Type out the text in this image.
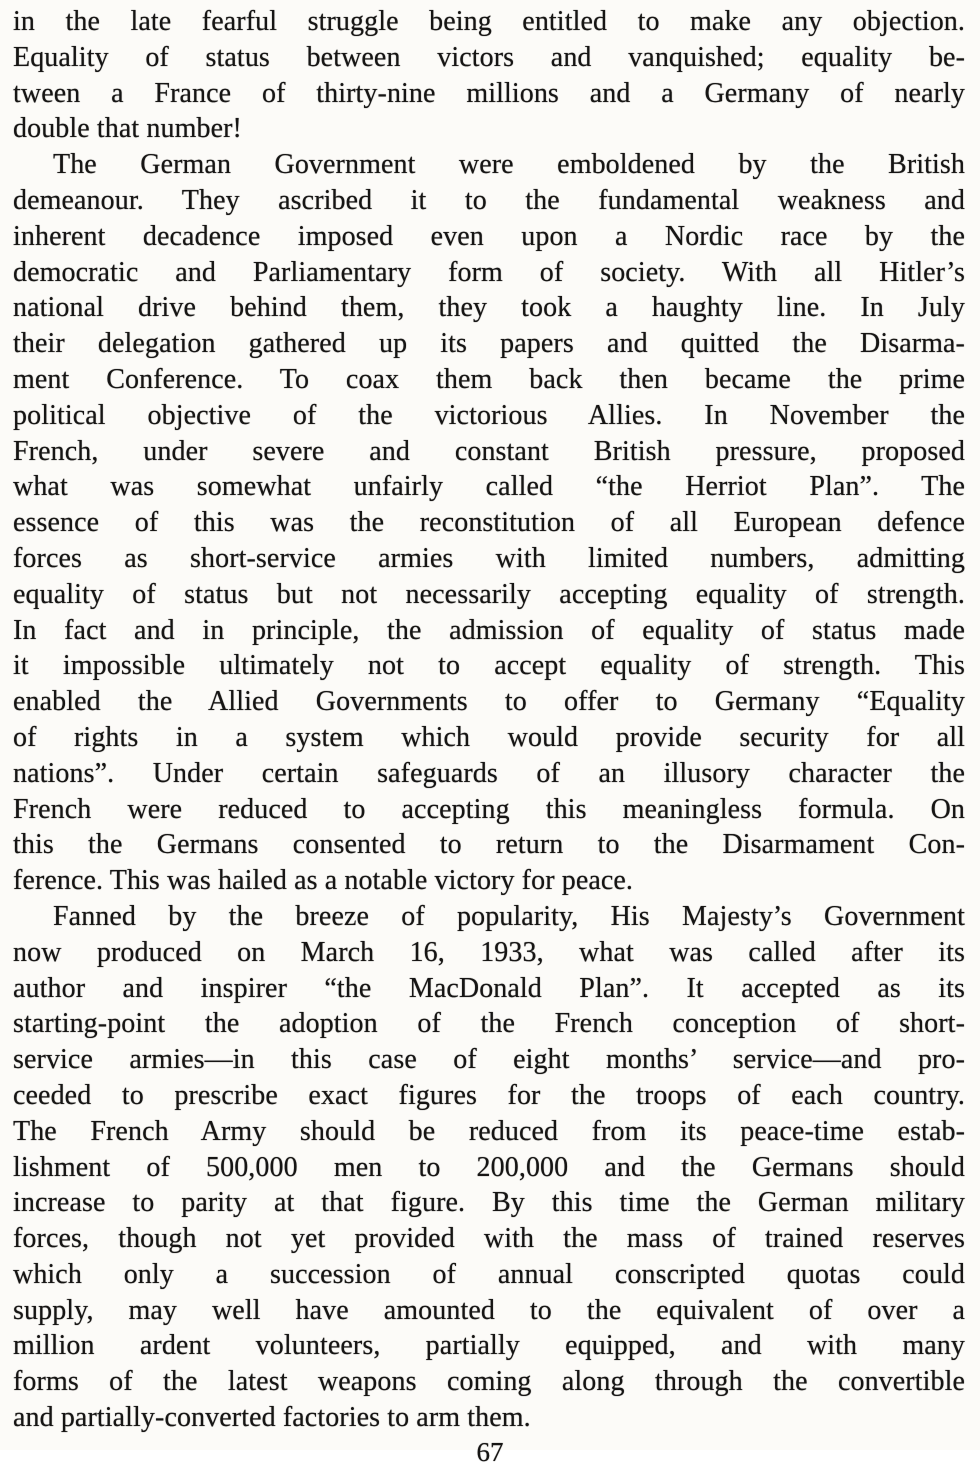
in the late fearful struggle being entitled to make any objection.
Equality of status between victors and vanquished; equality be-
tween a France of thirty-nine millions and a Germany of nearly
double that number!
The German Government were emboldened by the British
demeanour. They ascribed it to the fundamental weakness and
inherent decadence imposed even upon a Nordic race by the
democratic and Parliamentary form of society. With all Hitler’s
national drive behind them, they took a haughty line. In July
their delegation gathered up its papers and quitted the Disarma-
ment Conference. To coax them back then became the prime
political objective of the victorious Allies. In November the
French, under severe and constant British pressure, proposed
what was somewhat unfairly called “the Herriot Plan”. The
essence of this was the reconstitution of all European defence
forces as short-service armies with limited numbers, admitting
equality of status but not necessarily accepting equality of strength.
In fact and in principle, the admission of equality of status made
it impossible ultimately not to accept equality of strength. This
enabled the Allied Governments to offer to Germany “Equality
of rights in a system which would provide security for all
nations”. Under certain safeguards of an illusory character the
French were reduced to accepting this meaningless formula. On
this the Germans consented to return to the Disarmament Con-
ference. This was hailed as a notable victory for peace.
Fanned by the breeze of popularity, His Majesty’s Government
now produced on March 16, 1933, what was called after its
author and inspirer “the MacDonald Plan”. It accepted as its
starting-point the adoption of the French conception of short-
service armies—in this case of eight months’ service—and pro-
ceeded to prescribe exact figures for the troops of each country.
The French Army should be reduced from its peace-time estab-
lishment of 500,000 men to 200,000 and the Germans should
increase to parity at that figure. By this time the German military
forces, though not yet provided with the mass of trained reserves
which only a succession of annual conscripted quotas could
supply, may well have amounted to the equivalent of over a
million ardent volunteers, partially equipped, and with many
forms of the latest weapons coming along through the convertible
and partially-converted factories to arm them.
67
